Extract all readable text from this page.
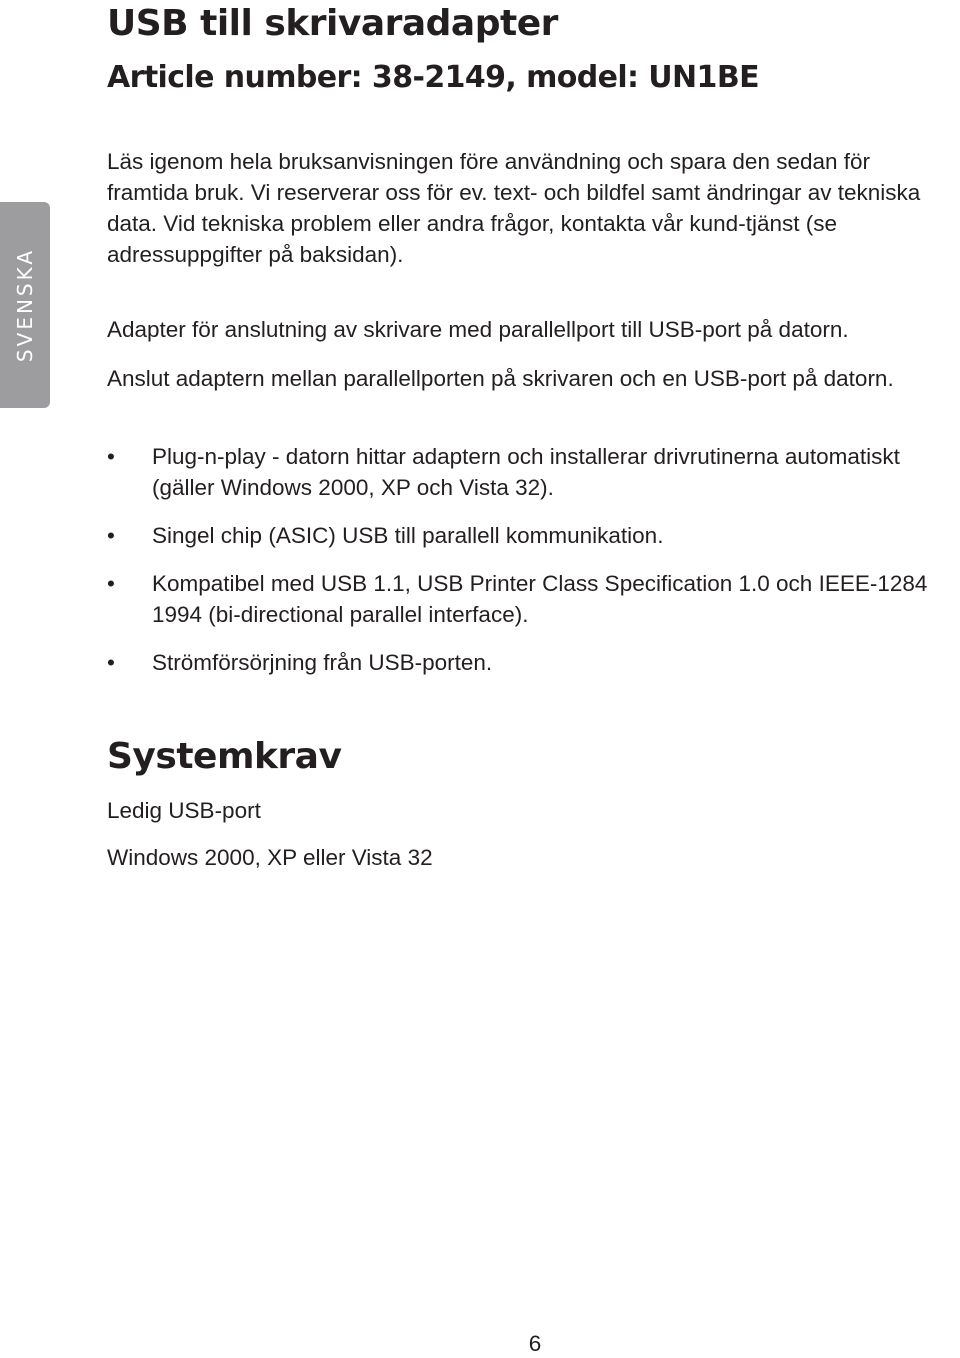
SVENSKA
USB till skrivaradapter
Article number: 38-2149, model: UN1BE

Läs igenom hela bruksanvisningen före användning och spara den sedan för framtida bruk. Vi reserverar oss för ev. text- och bildfel samt ändringar av tekniska data. Vid tekniska problem eller andra frågor, kontakta vår kund-tjänst (se adressuppgifter på baksidan).

Adapter för anslutning av skrivare med parallellport till USB-port på datorn.

Anslut adaptern mellan parallellporten på skrivaren och en USB-port på datorn.

• Plug-n-play - datorn hittar adaptern och installerar drivrutinerna automatiskt (gäller Windows 2000, XP och Vista 32).
• Singel chip (ASIC) USB till parallell kommunikation.
• Kompatibel med USB 1.1, USB Printer Class Specification 1.0 och IEEE-1284 1994 (bi-directional parallel interface).
• Strömförsörjning från USB-porten.
Systemkrav

Ledig USB-port

Windows 2000, XP eller Vista 32

6
